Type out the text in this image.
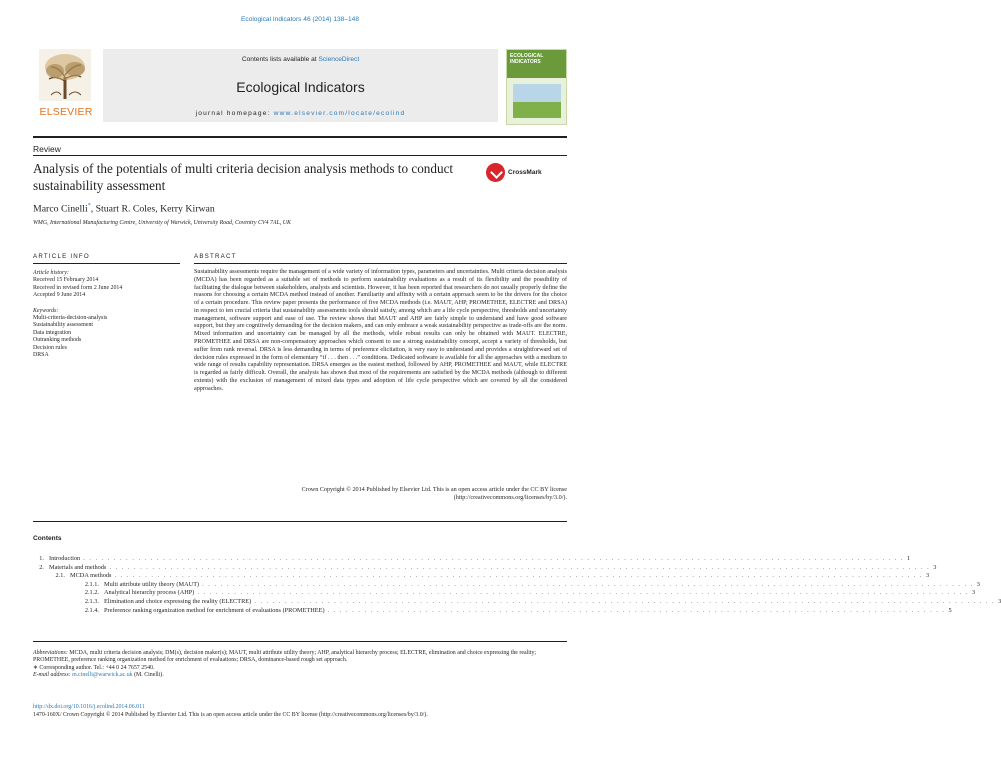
Ecological Indicators 46 (2014) 138–148
ELSEVIER
Contents lists available at ScienceDirect
Ecological Indicators
journal homepage: www.elsevier.com/locate/ecolind
ECOLOGICAL INDICATORS
Review
Analysis of the potentials of multi criteria decision analysis methods to conduct sustainability assessment
CrossMark
Marco Cinelli*, Stuart R. Coles, Kerry Kirwan
WMG, International Manufacturing Centre, University of Warwick, University Road, Coventry CV4 7AL, UK
ARTICLE INFO	ABSTRACT
Article history:
Received 15 February 2014
Received in revised form 2 June 2014
Accepted 9 June 2014
Keywords:
Multi-criteria-decision-analysis
Sustainability assessment
Data integration
Outranking methods
Decision rules
DRSA
Sustainability assessments require the management of a wide variety of information types, parameters and uncertainties. Multi criteria decision analysis (MCDA) has been regarded as a suitable set of methods to perform sustainability evaluations as a result of its flexibility and the possibility of facilitating the dialogue between stakeholders, analysts and scientists. However, it has been reported that researchers do not usually properly define the reasons for choosing a certain MCDA method instead of another. Familiarity and affinity with a certain approach seem to be the drivers for the choice of a certain procedure. This review paper presents the performance of five MCDA methods (i.e. MAUT, AHP, PROMETHEE, ELECTRE and DRSA) in respect to ten crucial criteria that sustainability assessments tools should satisfy, among which are a life cycle perspective, thresholds and uncertainty management, software support and ease of use. The review shows that MAUT and AHP are fairly simple to understand and have good software support, but they are cognitively demanding for the decision makers, and can only embrace a weak sustainability perspective as trade-offs are the norm. Mixed information and uncertainty can be managed by all the methods, while robust results can only be obtained with MAUT. ELECTRE, PROMETHEE and DRSA are non-compensatory approaches which consent to use a strong sustainability concept, accept a variety of thresholds, but suffer from rank reversal. DRSA is less demanding in terms of preference elicitation, is very easy to understand and provides a straightforward set of decision rules expressed in the form of elementary “if . . . then . . .” conditions. Dedicated software is available for all the approaches with a medium to wide range of results capability representation. DRSA emerges as the easiest method, followed by AHP, PROMETHEE and MAUT, while ELECTRE is regarded as fairly difficult. Overall, the analysis has shown that most of the requirements are satisfied by the MCDA methods (although to different extents) with the exclusion of management of mixed data types and adoption of life cycle perspective which are covered by all the considered approaches.
Crown Copyright © 2014 Published by Elsevier Ltd. This is an open access article under the CC BY license (http://creativecommons.org/licenses/by/3.0/).
Contents
1. Introduction . . . . . . . . . . . . . . . . . . . . . . . . . . . . . . . . . . . . . . . . . . . . . . . . . . . . . . . . . . . . . . . . . . . . . . . . . . . . . . . . . . . . . . . . . . . . . . . . . . . . . . . . . . . . . . . . . . . . . . . . . . . . . . . . . . . . . . 1
2. Materials and methods . . . . . . . . . . . . . . . . . . . . . . . . . . . . . . . . . . . . . . . . . . . . . . . . . . . . . . . . . . . . . . . . . . . . . . . . . . . . . . . . . . . . . . . . . . . . . . . . . . . . . . . . . . . . . . . . . . . . . . . . . . . . . . . . . . . . . . 3
2.1. MCDA methods . . . . . . . . . . . . . . . . . . . . . . . . . . . . . . . . . . . . . . . . . . . . . . . . . . . . . . . . . . . . . . . . . . . . . . . . . . . . . . . . . . . . . . . . . . . . . . . . . . . . . . . . . . . . . . . . . . . . . . . . . . . . . . . . . . . . 3
2.1.1. Multi attribute utility theory (MAUT) . . . . . . . . . . . . . . . . . . . . . . . . . . . . . . . . . . . . . . . . . . . . . . . . . . . . . . . . . . . . . . . . . . . . . . . . . . . . . . . . . . . . . . . . . . . . . . . . . . . . . . . . . . . . . . . . . . . . . . . . . . . . . . 3
2.1.2. Analytical hierarchy process (AHP) . . . . . . . . . . . . . . . . . . . . . . . . . . . . . . . . . . . . . . . . . . . . . . . . . . . . . . . . . . . . . . . . . . . . . . . . . . . . . . . . . . . . . . . . . . . . . . . . . . . . . . . . . . . . . . . . . . . . . . . . . . . . . . 3
2.1.3. Elimination and choice expressing the reality (ELECTRE) . . . . . . . . . . . . . . . . . . . . . . . . . . . . . . . . . . . . . . . . . . . . . . . . . . . . . . . . . . . . . . . . . . . . . . . . . . . . . . . . . . . . . . . . . . . . . . . . . . . . . . . . . . . . . . . . . . . . . . . . . 3
2.1.4. Preference ranking organization method for enrichment of evaluations (PROMETHEE) . . . . . . . . . . . . . . . . . . . . . . . . . . . . . . . . . . . . . . . . . . . . . . . . . . . . . . . . . . . . . . . . . . . . . . . . . . . . . . . . . . . . . . . . . . . . . . . . . . . . . 5
Abbreviations: MCDA, multi criteria decision analysis; DM(s), decision maker(s); MAUT, multi attribute utility theory; AHP, analytical hierarchy process; ELECTRE, elimination and choice expressing the reality; PROMETHEE, preference ranking organization method for enrichment of evaluations; DRSA, dominance-based rough set approach.
∗ Corresponding author. Tel.: +44 0 24 7657 2540.
E-mail address: m.cinelli@warwick.ac.uk (M. Cinelli).
http://dx.doi.org/10.1016/j.ecolind.2014.06.011
1470-160X/ Crown Copyright © 2014 Published by Elsevier Ltd. This is an open access article under the CC BY license (http://creativecommons.org/licenses/by/3.0/).
